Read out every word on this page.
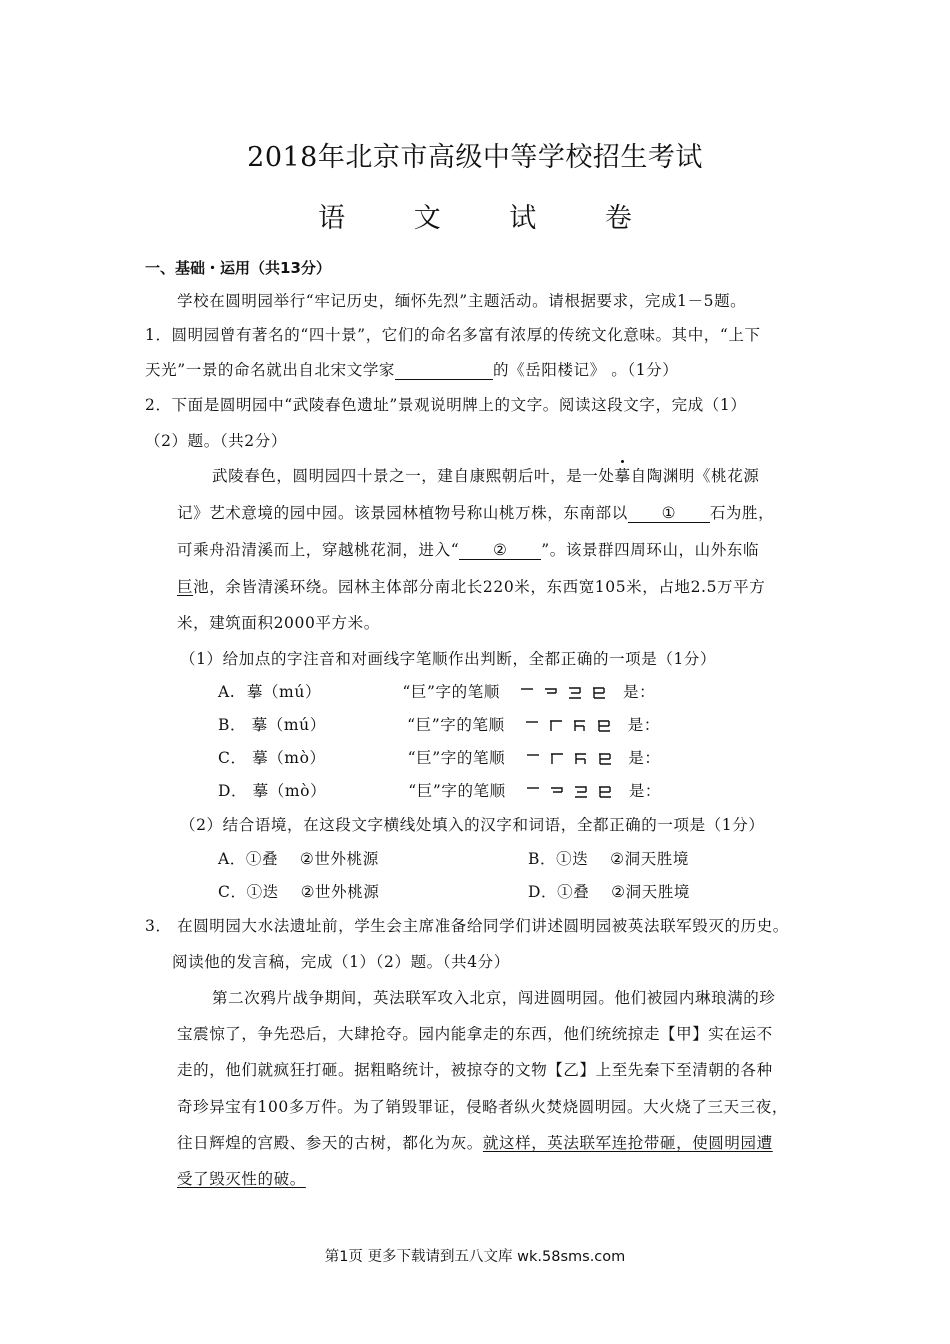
2018年北京市高级中等学校招生考试
语	文	试	卷
一、基础・运用（共13分）
学校在圆明园举行“牢记历史，缅怀先烈”主题活动。请根据要求，完成1－5题。
1．圆明园曾有著名的“四十景”，它们的命名多富有浓厚的传统文化意味。其中，“上下
天光”一景的命名就出自北宋文学家	的《岳阳楼记》 。（1分）
2．下面是圆明园中“武陵春色遗址”景观说明牌上的文字。阅读这段文字，完成（1）
（2）题。（共2分）
武陵春色，圆明园四十景之一，建自康熙朝后叶，是一处摹自陶渊明《桃花源
记》艺术意境的园中园。该景园林植物号称山桃万株，东南部以 ① 石为胜，
可乘舟沿清溪而上，穿越桃花洞，进入“ ② ”。该景群四周环山，山外东临
巨池，余皆清溪环绕。园林主体部分南北长220米，东西宽105米，占地2.5万平方
米，建筑面积2000平方米。
（1）给加点的字注音和对画线字笔顺作出判断，全都正确的一项是（1分）
A. 摹（mú）	“巨”字的笔顺	是：
B． 摹（mú）	“巨”字的笔顺	是：
C． 摹（mò）	“巨”字的笔顺	是：
D． 摹（mò）	“巨”字的笔顺	是：
（2）结合语境，在这段文字横线处填入的汉字和词语，全都正确的一项是（1分）
A．①叠 ②世外桃源	B．①迭 ②洞天胜境
C．①迭 ②世外桃源	D．①叠 ②洞天胜境
3． 在圆明园大水法遗址前，学生会主席准备给同学们讲述圆明园被英法联军毁灭的历史。
阅读他的发言稿，完成（1）（2）题。（共4分）
第二次鸦片战争期间，英法联军攻入北京，闯进圆明园。他们被园内琳琅满的珍
宝震惊了，争先恐后，大肆抢夺。园内能拿走的东西，他们统统掠走【甲】实在运不
走的，他们就疯狂打砸。据粗略统计，被掠夺的文物【乙】上至先秦下至清朝的各种
奇珍异宝有100多万件。为了销毁罪证，侵略者纵火焚烧圆明园。大火烧了三天三夜，
往日辉煌的宫殿、参天的古树，都化为灰。就这样，英法联军连抢带砸，使圆明园遭
受了毁灭性的破。
第1页 更多下载请到五八文库 wk.58sms.com
